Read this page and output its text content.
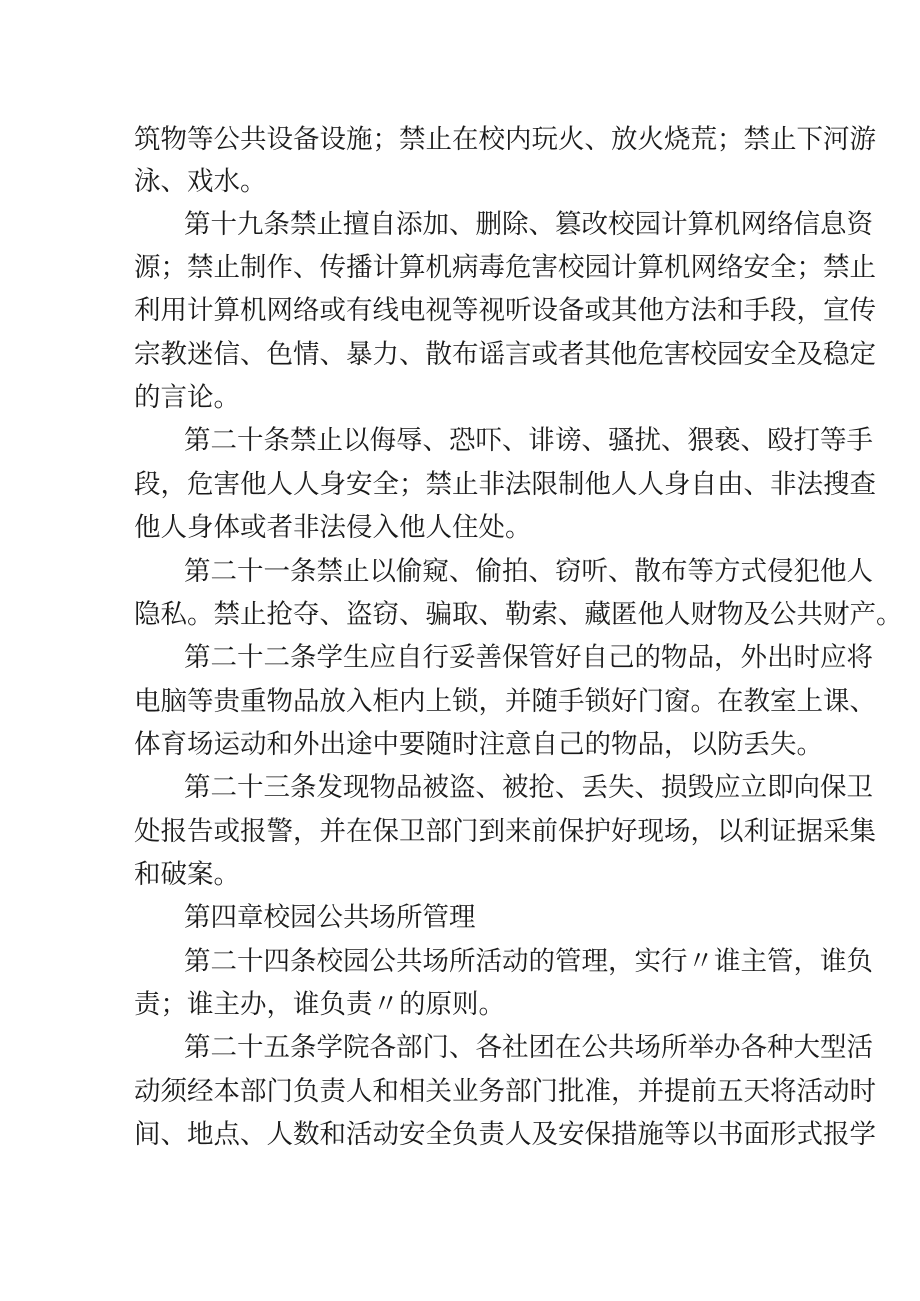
筑物等公共设备设施；禁止在校内玩火、放火烧荒；禁止下河游
泳、戏水。
第十九条禁止擅自添加、删除、篡改校园计算机网络信息资
源；禁止制作、传播计算机病毒危害校园计算机网络安全；禁止
利用计算机网络或有线电视等视听设备或其他方法和手段，宣传
宗教迷信、色情、暴力、散布谣言或者其他危害校园安全及稳定
的言论。
第二十条禁止以侮辱、恐吓、诽谤、骚扰、猥亵、殴打等手
段，危害他人人身安全；禁止非法限制他人人身自由、非法搜查
他人身体或者非法侵入他人住处。
第二十一条禁止以偷窥、偷拍、窃听、散布等方式侵犯他人
隐私。禁止抢夺、盗窃、骗取、勒索、藏匿他人财物及公共财产。
第二十二条学生应自行妥善保管好自己的物品，外出时应将
电脑等贵重物品放入柜内上锁，并随手锁好门窗。在教室上课、
体育场运动和外出途中要随时注意自己的物品，以防丢失。
第二十三条发现物品被盗、被抢、丢失、损毁应立即向保卫
处报告或报警，并在保卫部门到来前保护好现场，以利证据采集
和破案。
第四章校园公共场所管理
第二十四条校园公共场所活动的管理，实行〃谁主管，谁负
责；谁主办，谁负责〃的原则。
第二十五条学院各部门、各社团在公共场所举办各种大型活
动须经本部门负责人和相关业务部门批准，并提前五天将活动时
间、地点、人数和活动安全负责人及安保措施等以书面形式报学
